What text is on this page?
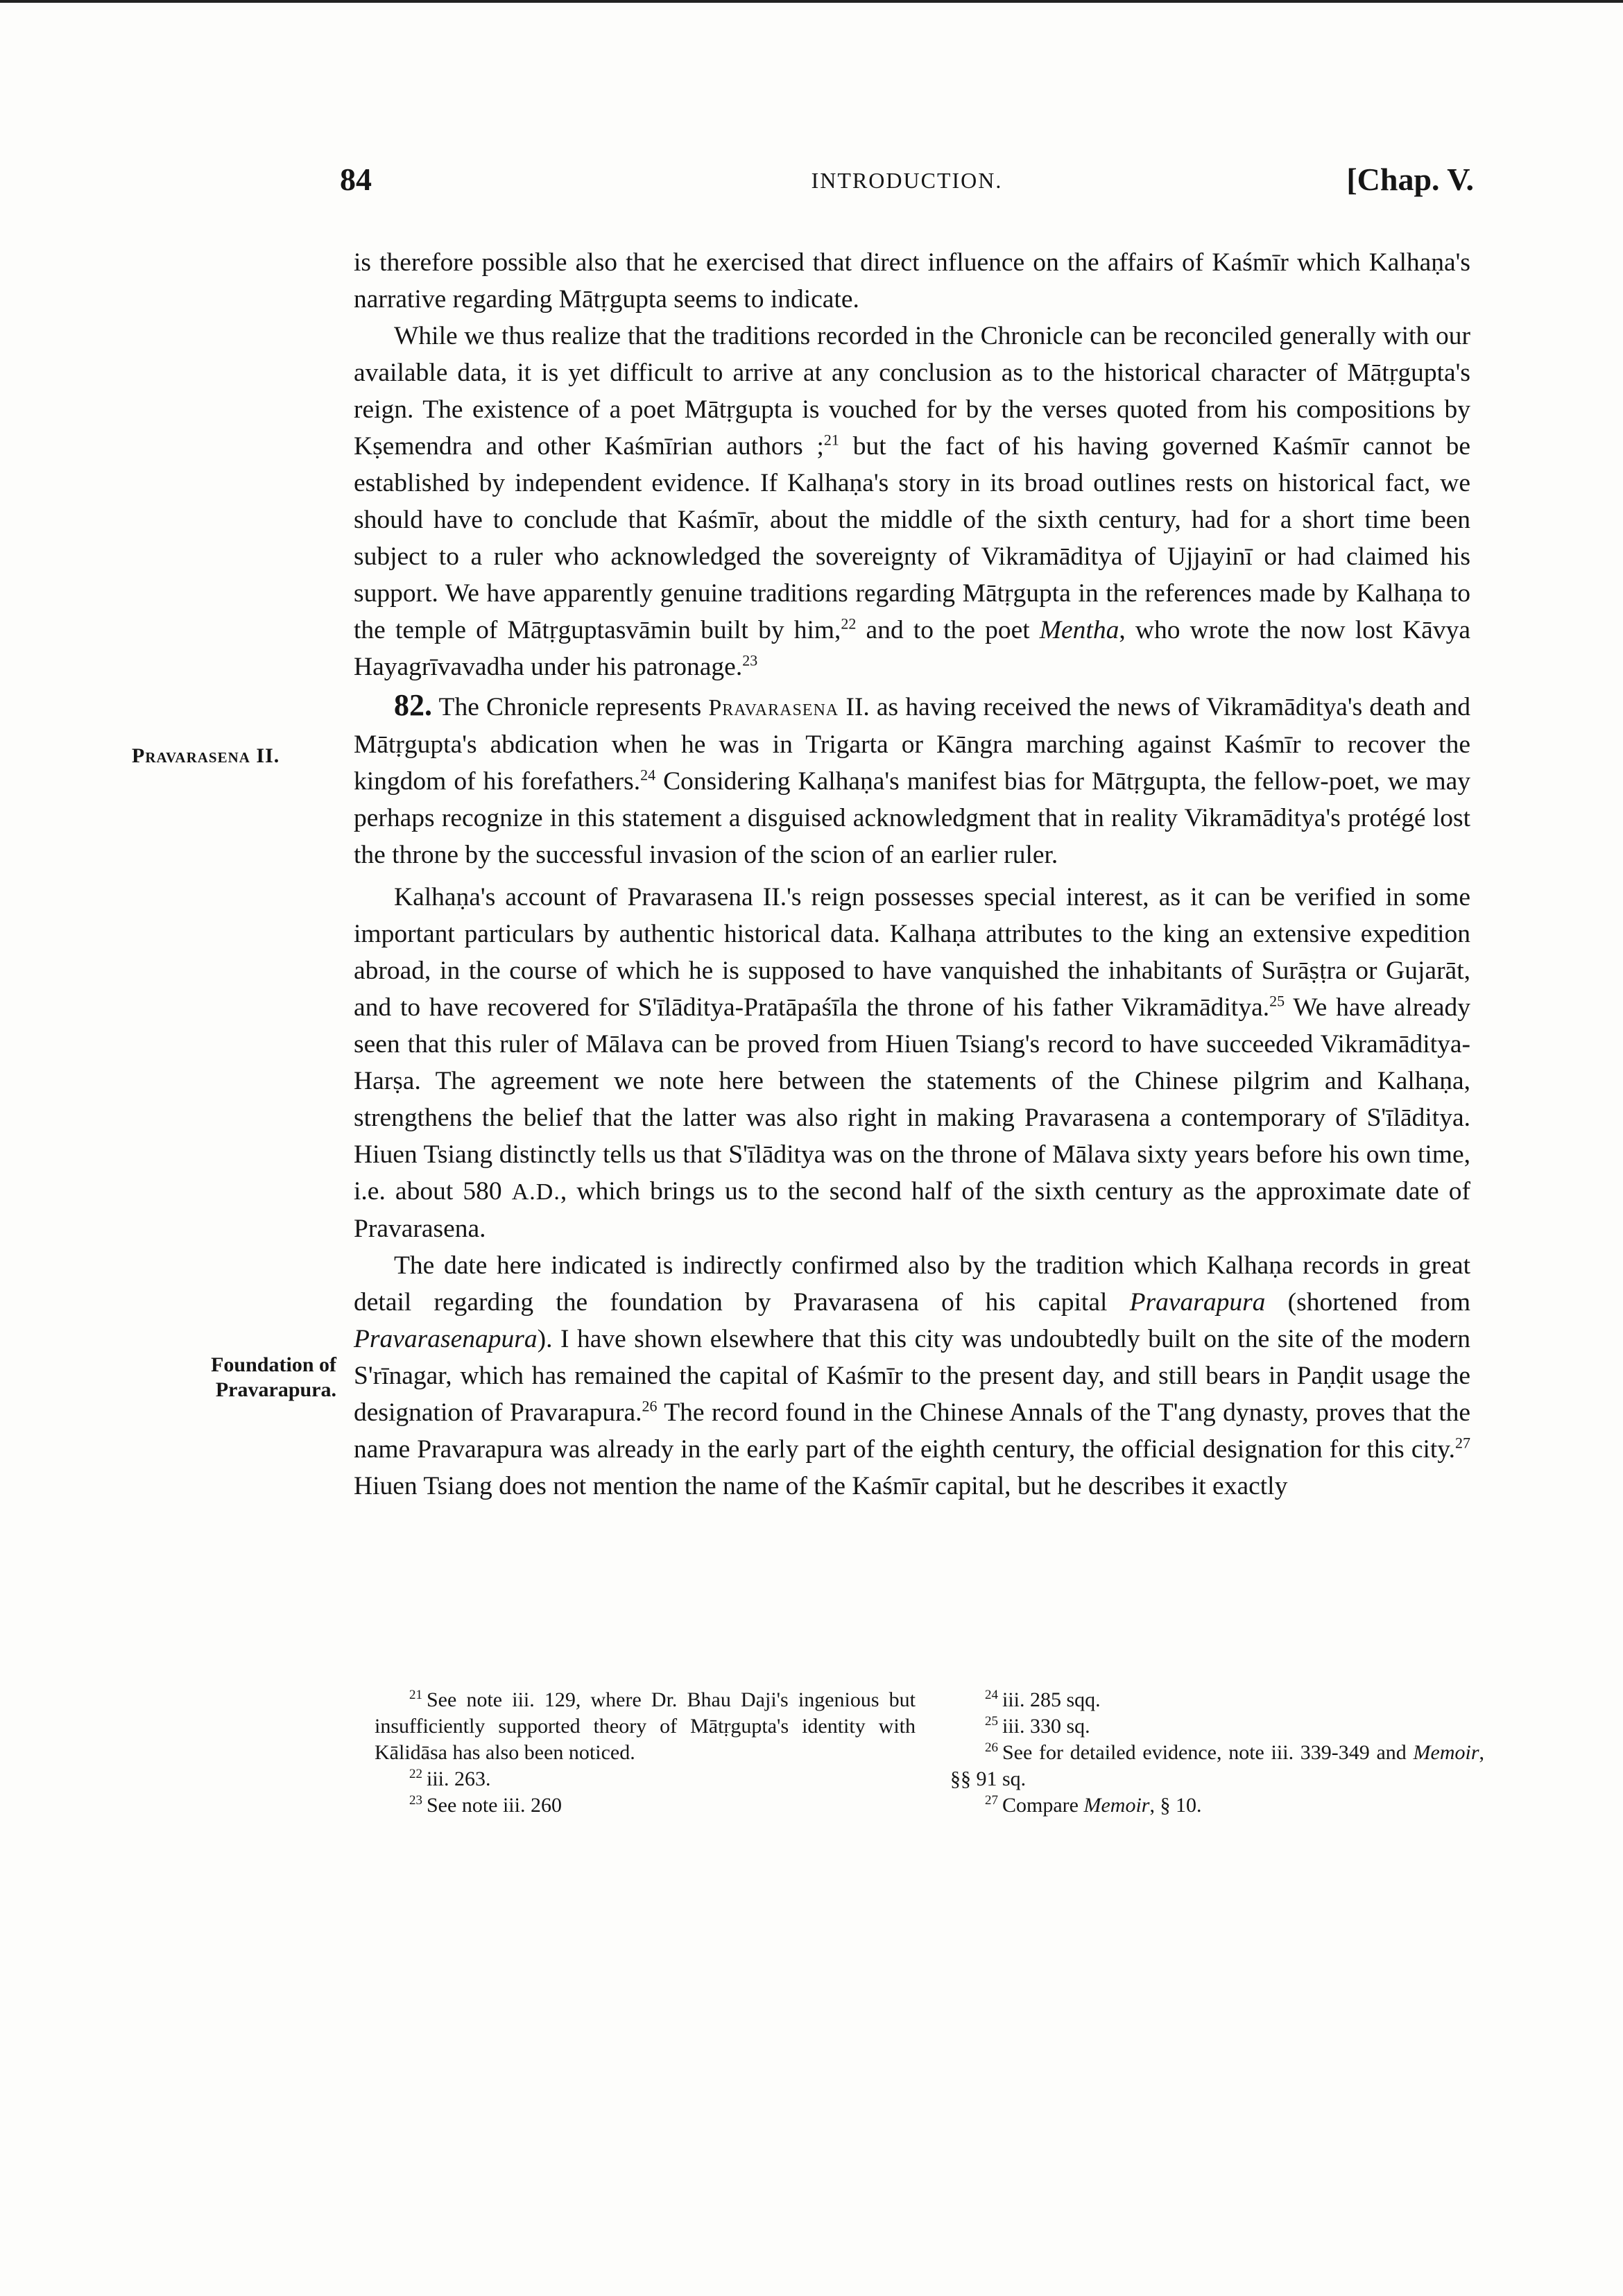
84	INTRODUCTION.	[Chap. V.
Pravarasena II.
Foundation of
Pravarapura.

is therefore possible also that he exercised that direct influence on the affairs of Kaśmīr which Kalhaṇa's narrative regarding Mātṛgupta seems to indicate.

While we thus realize that the traditions recorded in the Chronicle can be reconciled generally with our available data, it is yet difficult to arrive at any conclusion as to the historical character of Mātṛgupta's reign. The existence of a poet Mātṛgupta is vouched for by the verses quoted from his compositions by Kṣemendra and other Kaśmīrian authors ;$^{21}$ but the fact of his having governed Kaśmīr cannot be established by independent evidence. If Kalhaṇa's story in its broad outlines rests on historical fact, we should have to conclude that Kaśmīr, about the middle of the sixth century, had for a short time been subject to a ruler who acknowledged the sovereignty of Vikramāditya of Ujjayinī or had claimed his support. We have apparently genuine traditions regarding Mātṛgupta in the references made by Kalhaṇa to the temple of Mātṛguptasvāmin built by him,$^{22}$ and to the poet Mentha, who wrote the now lost Kāvya Hayagrīvavadha under his patronage.$^{23}$

82. The Chronicle represents Pravarasena II. as having received the news of Vikramāditya's death and Mātṛgupta's abdication when he was in Trigarta or Kāngra marching against Kaśmīr to recover the kingdom of his forefathers.$^{24}$ Considering Kalhaṇa's manifest bias for Mātṛgupta, the fellow-poet, we may perhaps recognize in this statement a disguised acknowledgment that in reality Vikramāditya's protégé lost the throne by the successful invasion of the scion of an earlier ruler.

Kalhaṇa's account of Pravarasena II.'s reign possesses special interest, as it can be verified in some important particulars by authentic historical data. Kalhaṇa attributes to the king an extensive expedition abroad, in the course of which he is supposed to have vanquished the inhabitants of Surāṣṭra or Gujarāt, and to have recovered for S'īlāditya-Pratāpaśīla the throne of his father Vikramāditya.$^{25}$ We have already seen that this ruler of Mālava can be proved from Hiuen Tsiang's record to have succeeded Vikramāditya-Harṣa. The agreement we note here between the statements of the Chinese pilgrim and Kalhaṇa, strengthens the belief that the latter was also right in making Pravarasena a contemporary of S'īlāditya. Hiuen Tsiang distinctly tells us that S'īlāditya was on the throne of Mālava sixty years before his own time, i.e. about 580 A.D., which brings us to the second half of the sixth century as the approximate date of Pravarasena.

The date here indicated is indirectly confirmed also by the tradition which Kalhaṇa records in great detail regarding the foundation by Pravarasena of his capital Pravarapura (shortened from Pravarasenapura). I have shown elsewhere that this city was undoubtedly built on the site of the modern S'rīnagar, which has remained the capital of Kaśmīr to the present day, and still bears in Paṇḍit usage the designation of Pravarapura.$^{26}$ The record found in the Chinese Annals of the T'ang dynasty, proves that the name Pravarapura was already in the early part of the eighth century, the official designation for this city.$^{27}$ Hiuen Tsiang does not mention the name of the Kaśmīr capital, but he describes it exactly

$^{21}$ See note iii. 129, where Dr. Bhau Daji's ingenious but insufficiently supported theory of Mātṛgupta's identity with Kālidāsa has also been noticed.

$^{22}$ iii. 263.

$^{23}$ See note iii. 260

$^{24}$ iii. 285 sqq.

$^{25}$ iii. 330 sq.

$^{26}$ See for detailed evidence, note iii. 339-349 and Memoir, §§ 91 sq.

$^{27}$ Compare Memoir, § 10.
